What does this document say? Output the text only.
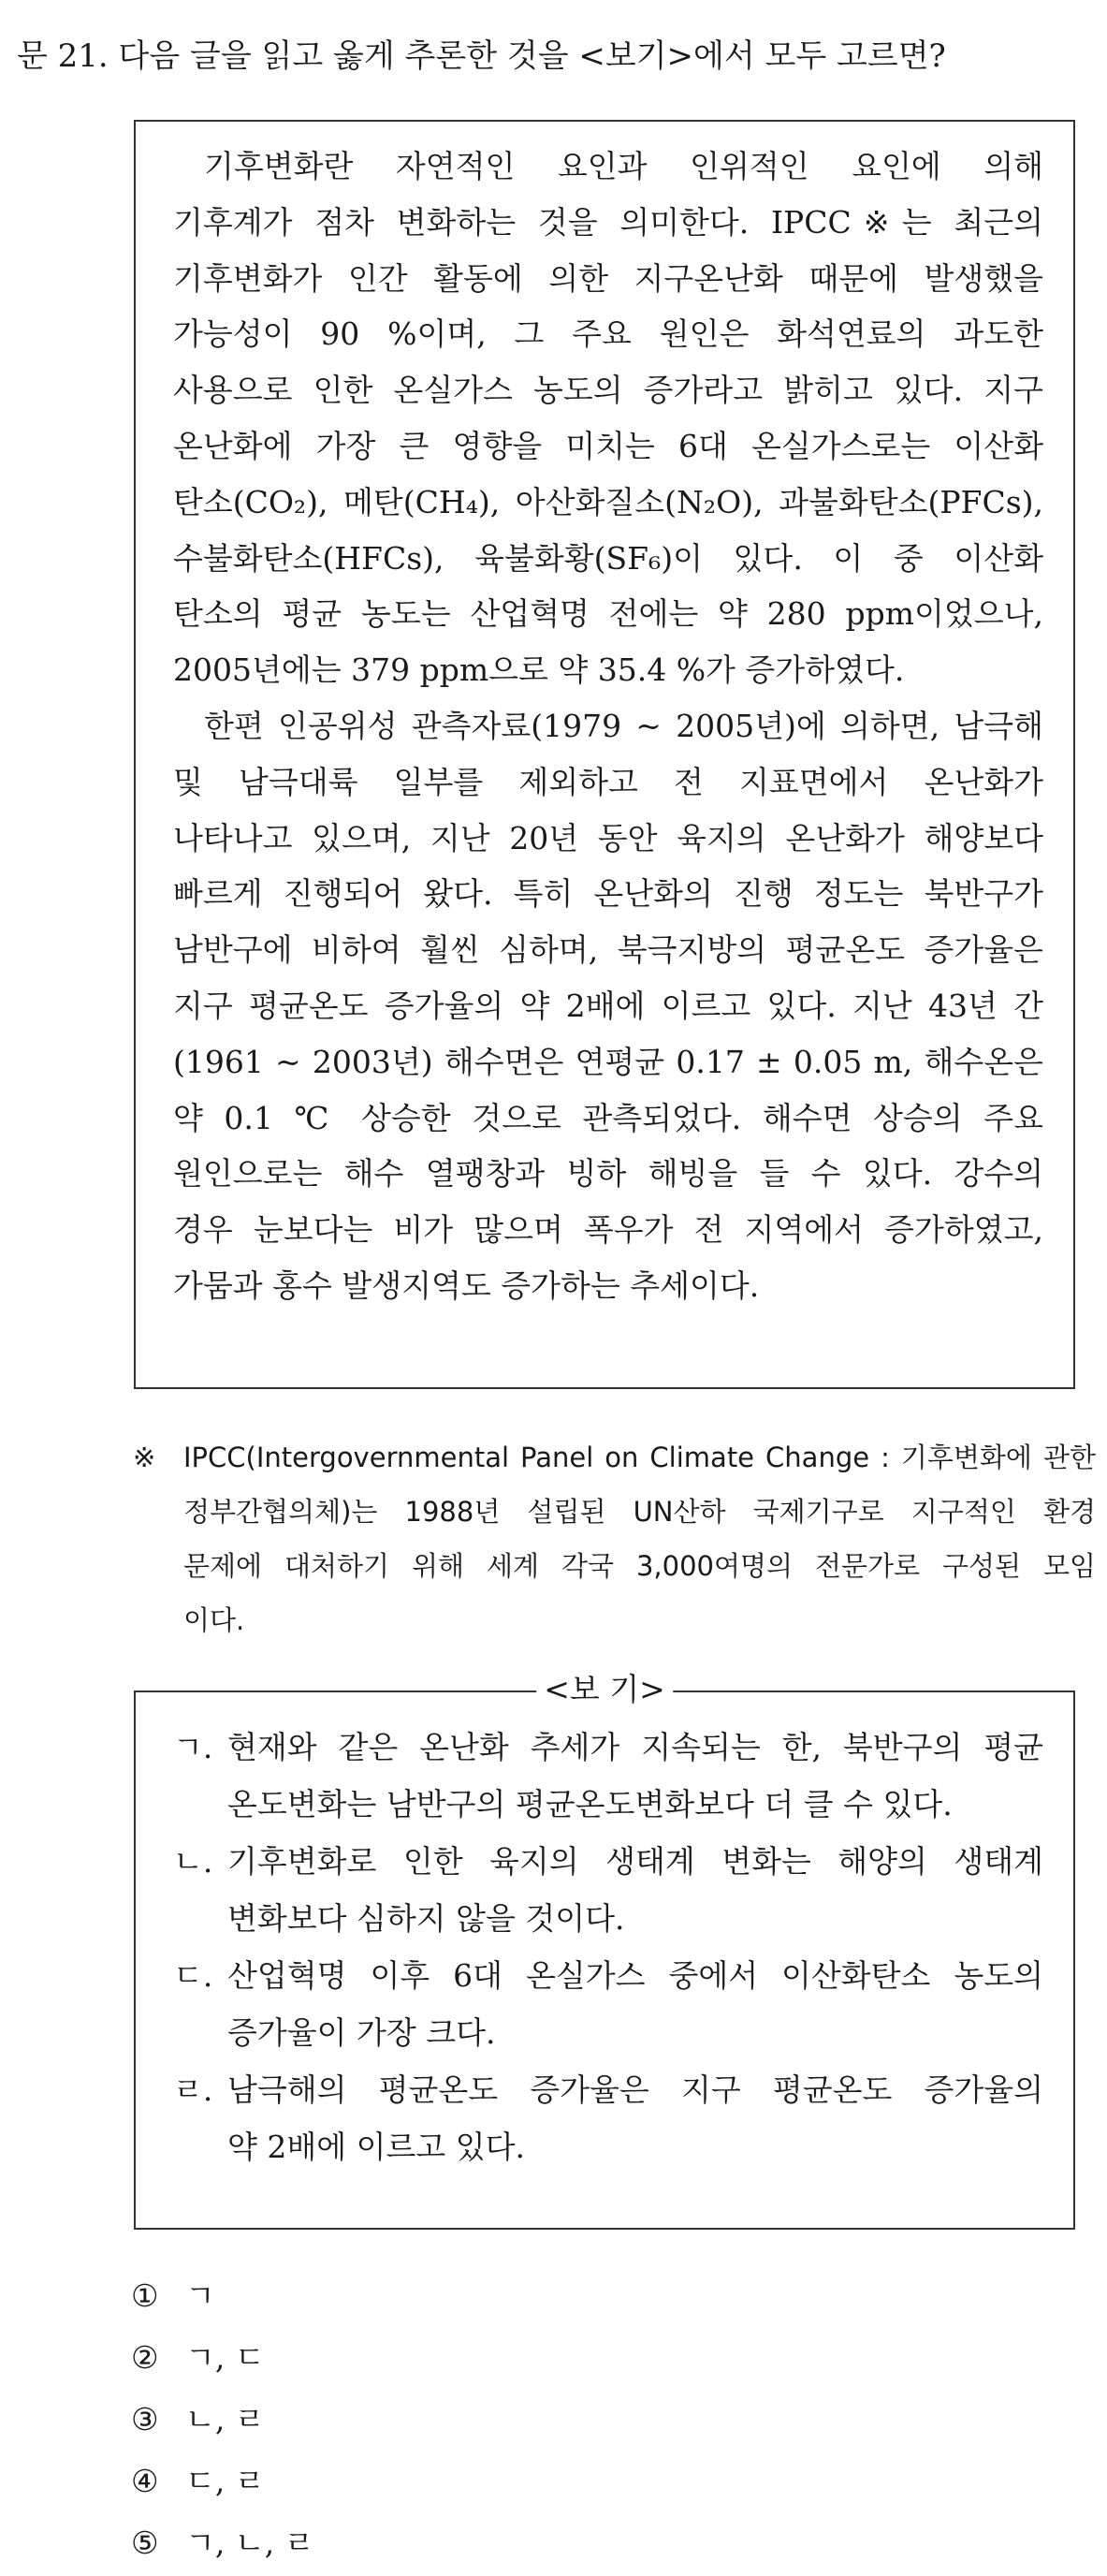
문 21. 다음 글을 읽고 옳게 추론한 것을 <보기>에서 모두 고르면?
기후변화란 자연적인 요인과 인위적인 요인에 의해
기후계가 점차 변화하는 것을 의미한다. IPCC※는 최근의
기후변화가 인간 활동에 의한 지구온난화 때문에 발생했을
가능성이 90 %이며, 그 주요 원인은 화석연료의 과도한
사용으로 인한 온실가스 농도의 증가라고 밝히고 있다. 지구
온난화에 가장 큰 영향을 미치는 6대 온실가스로는 이산화
탄소(CO₂), 메탄(CH₄), 아산화질소(N₂O), 과불화탄소(PFCs),
수불화탄소(HFCs), 육불화황(SF₆)이 있다. 이 중 이산화
탄소의 평균 농도는 산업혁명 전에는 약 280 ppm이었으나,
2005년에는 379 ppm으로 약 35.4 %가 증가하였다.
한편 인공위성 관측자료(1979 ~ 2005년)에 의하면, 남극해
및 남극대륙 일부를 제외하고 전 지표면에서 온난화가
나타나고 있으며, 지난 20년 동안 육지의 온난화가 해양보다
빠르게 진행되어 왔다. 특히 온난화의 진행 정도는 북반구가
남반구에 비하여 훨씬 심하며, 북극지방의 평균온도 증가율은
지구 평균온도 증가율의 약 2배에 이르고 있다. 지난 43년 간
(1961 ~ 2003년) 해수면은 연평균 0.17 ± 0.05 m, 해수온은
약 0.1 ℃ 상승한 것으로 관측되었다. 해수면 상승의 주요
원인으로는 해수 열팽창과 빙하 해빙을 들 수 있다. 강수의
경우 눈보다는 비가 많으며 폭우가 전 지역에서 증가하였고,
가뭄과 홍수 발생지역도 증가하는 추세이다.
※ IPCC(Intergovernmental Panel on Climate Change : 기후변화에 관한
정부간협의체)는 1988년 설립된 UN산하 국제기구로 지구적인 환경
문제에 대처하기 위해 세계 각국 3,000여명의 전문가로 구성된 모임
이다.
<보 기>
ㄱ. 현재와 같은 온난화 추세가 지속되는 한, 북반구의 평균
온도변화는 남반구의 평균온도변화보다 더 클 수 있다.
ㄴ. 기후변화로 인한 육지의 생태계 변화는 해양의 생태계
변화보다 심하지 않을 것이다.
ㄷ. 산업혁명 이후 6대 온실가스 중에서 이산화탄소 농도의
증가율이 가장 크다.
ㄹ. 남극해의 평균온도 증가율은 지구 평균온도 증가율의
약 2배에 이르고 있다.
① ㄱ
② ㄱ, ㄷ
③ ㄴ, ㄹ
④ ㄷ, ㄹ
⑤ ㄱ, ㄴ, ㄹ
